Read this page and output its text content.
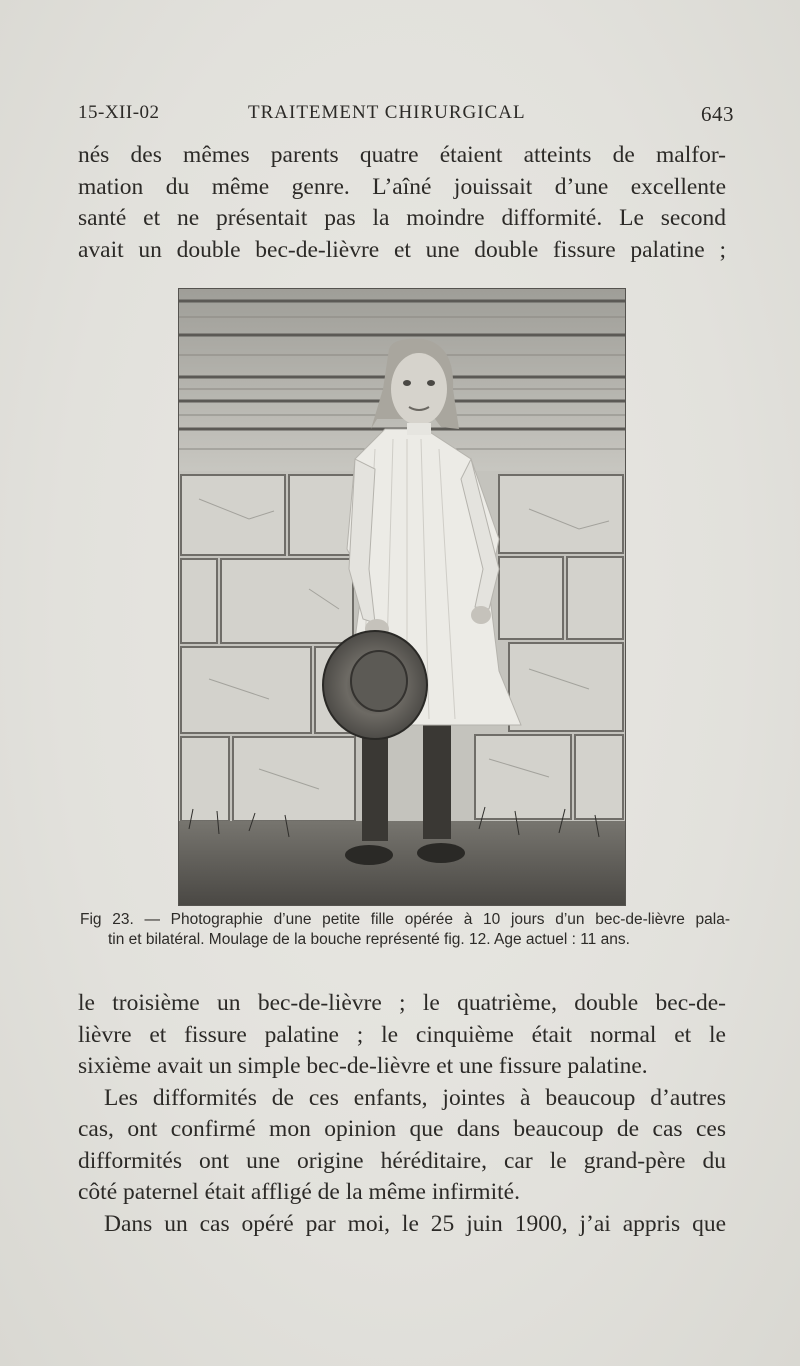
15-XII-02	TRAITEMENT CHIRURGICAL	643
nés des mêmes parents quatre étaient atteints de malfor-
mation du même genre. L’aîné jouissait d’une excellente
santé et ne présentait pas la moindre difformité. Le second
avait un double bec-de-lièvre et une double fissure palatine ;
Fig 23. — Photographie d’une petite fille opérée à 10 jours d’un bec-de-lièvre pala-
tin et bilatéral. Moulage de la bouche représenté fig. 12. Age actuel : 11 ans.
le troisième un bec-de-lièvre ; le quatrième, double bec-de-
lièvre et fissure palatine ; le cinquième était normal et le
sixième avait un simple bec-de-lièvre et une fissure palatine.
Les difformités de ces enfants, jointes à beaucoup d’autres
cas, ont confirmé mon opinion que dans beaucoup de cas ces
difformités ont une origine héréditaire, car le grand-père du
côté paternel était affligé de la même infirmité.
Dans un cas opéré par moi, le 25 juin 1900, j’ai appris que
